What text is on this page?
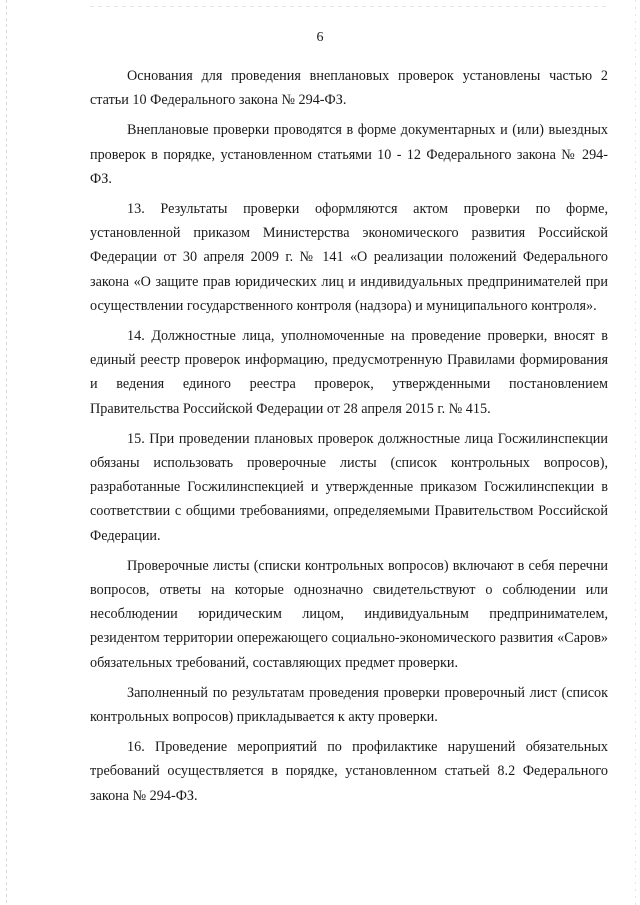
6

Основания для проведения внеплановых проверок установлены частью 2 статьи 10 Федерального закона № 294-ФЗ.

Внеплановые проверки проводятся в форме документарных и (или) выездных проверок в порядке, установленном статьями 10 - 12 Федерального закона № 294-ФЗ.

13. Результаты проверки оформляются актом проверки по форме, установленной приказом Министерства экономического развития Российской Федерации от 30 апреля 2009 г. № 141 «О реализации положений Федерального закона «О защите прав юридических лиц и индивидуальных предпринимателей при осуществлении государственного контроля (надзора) и муниципального контроля».

14. Должностные лица, уполномоченные на проведение проверки, вносят в единый реестр проверок информацию, предусмотренную Правилами формирования и ведения единого реестра проверок, утвержденными постановлением Правительства Российской Федерации от 28 апреля 2015 г. № 415.

15. При проведении плановых проверок должностные лица Госжилинспекции обязаны использовать проверочные листы (список контрольных вопросов), разработанные Госжилинспекцией и утвержденные приказом Госжилинспекции в соответствии с общими требованиями, определяемыми Правительством Российской Федерации.

Проверочные листы (списки контрольных вопросов) включают в себя перечни вопросов, ответы на которые однозначно свидетельствуют о соблюдении или несоблюдении юридическим лицом, индивидуальным предпринимателем, резидентом территории опережающего социально-экономического развития «Саров» обязательных требований, составляющих предмет проверки.

Заполненный по результатам проведения проверки проверочный лист (список контрольных вопросов) прикладывается к акту проверки.

16. Проведение мероприятий по профилактике нарушений обязательных требований осуществляется в порядке, установленном статьей 8.2 Федерального закона № 294-ФЗ.
